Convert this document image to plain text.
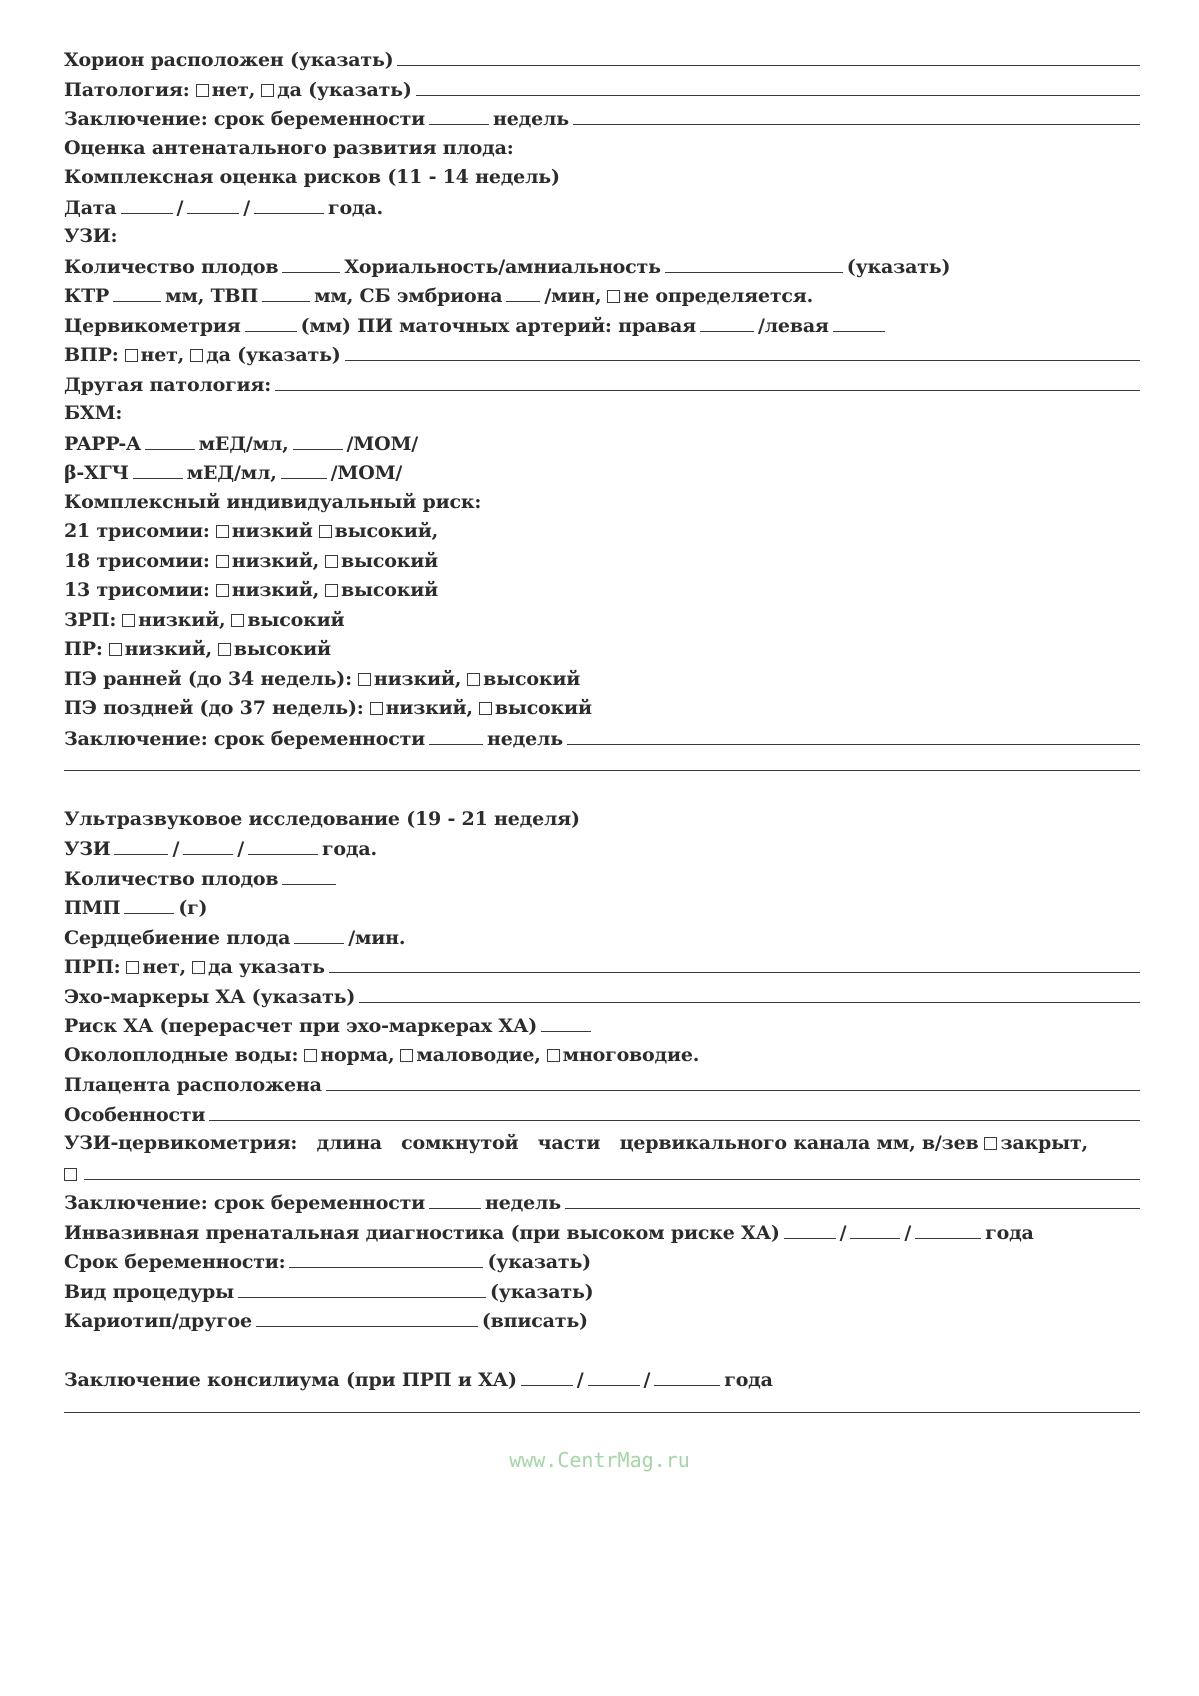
Хорион расположен (указать)
Патология: нет, да (указать)
Заключение: срок беременности	недель
Оценка антенатального развития плода:
Комплексная оценка рисков (11 - 14 недель)
Дата	/	/	года.
УЗИ:
Количество плодов	Хориальность/амниальность	(указать)
КТР	мм, ТВП	мм, СБ эмбриона /мин, не определяется.
Цервикометрия	(мм) ПИ маточных артерий: правая	/левая
ВПР: нет, да (указать)
Другая патология:
БХМ:
PAPP-A	мЕД/мл,	/МОМ/
β-ХГЧ	мЕД/мл,	/МОМ/
Комплексный индивидуальный риск:
21 трисомии: низкий высокий,
18 трисомии: низкий, высокий
13 трисомии: низкий, высокий
ЗРП: низкий, высокий
ПР: низкий, высокий
ПЭ ранней (до 34 недель): низкий, высокий
ПЭ поздней (до 37 недель): низкий, высокий
Заключение: срок беременности	недель
Ультразвуковое исследование (19 - 21 неделя)
УЗИ	/	/	года.
Количество плодов
ПМП	(г)
Сердцебиение плода	/мин.
ПРП: нет, да указать
Эхо-маркеры ХА (указать)
Риск ХА (перерасчет при эхо-маркерах ХА)
Околоплодные воды: норма, маловодие, многоводие.
Плацента расположена
Особенности
УЗИ-цервикометрия: длина сомкнутой части цервикального канала мм, в/зев закрыт,
Заключение: срок беременности	недель
Инвазивная пренатальная диагностика (при высоком риске ХА)	/	/	года
Срок беременности:	(указать)
Вид процедуры	(указать)
Кариотип/другое	(вписать)
Заключение консилиума (при ПРП и ХА)	/	/	года
www.CentrMag.ru
